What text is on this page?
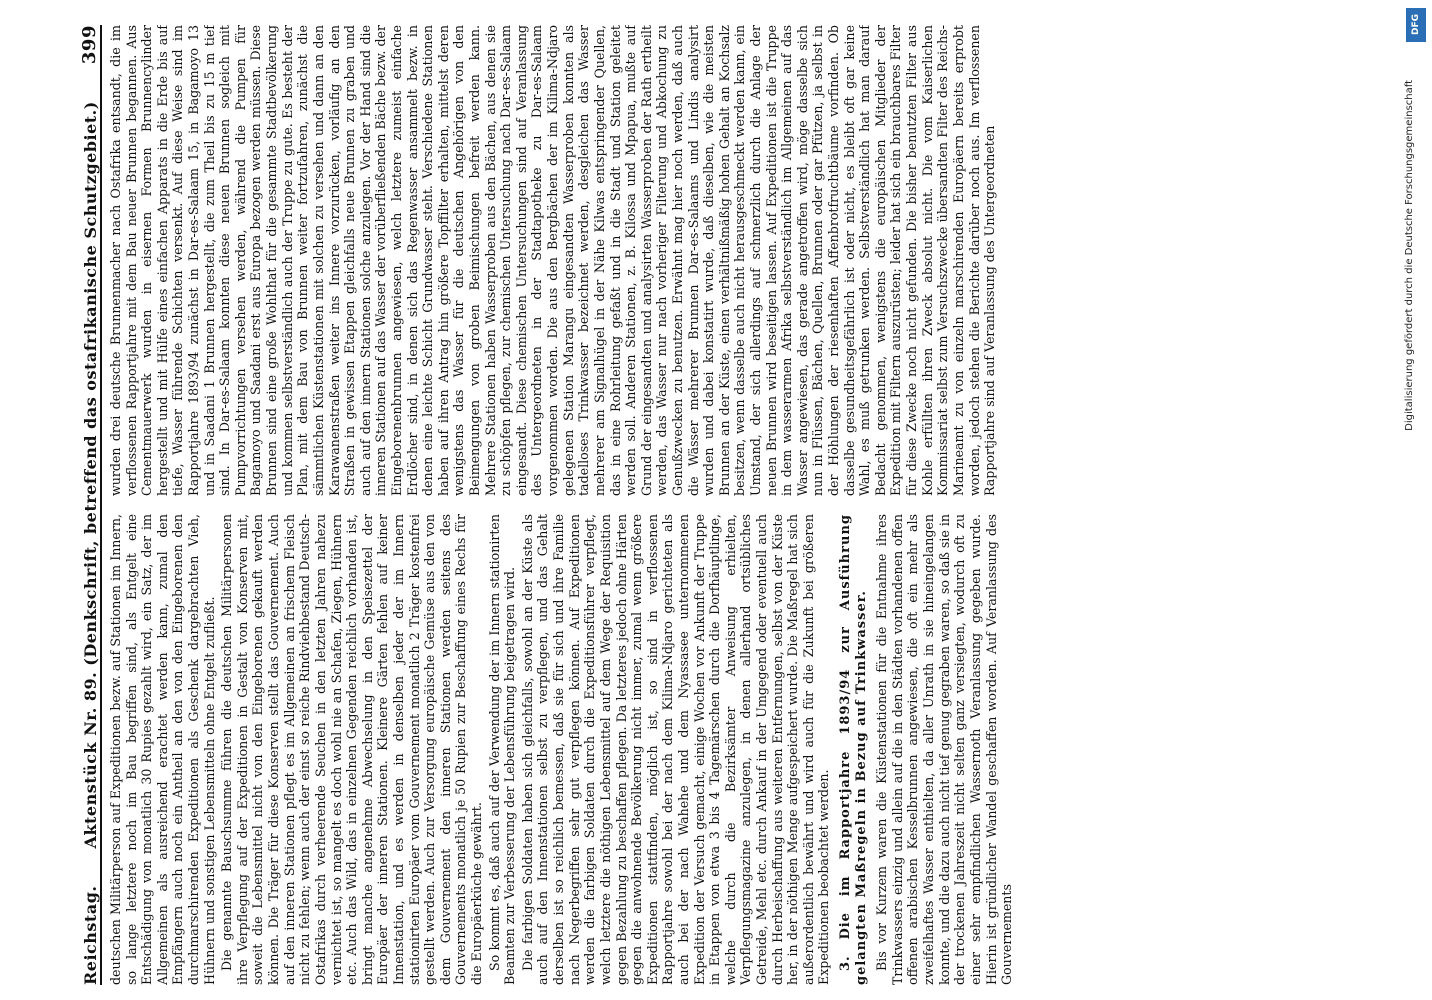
Reichstag.
Aktenstück Nr. 89. (Denkschrift, betreffend das ostafrikanische Schutzgebiet.)
399

deutschen Militärperson auf Expeditionen bezw. auf Stationen im Innern, so lange letztere noch im Bau begriffen sind, als Entgelt eine Entschädigung von monatlich 30 Rupies gezahlt wird, ein Satz, der im Allgemeinen als ausreichend erachtet werden kann, zumal den Empfängern auch noch ein Antheil an den von den Eingeborenen den durchmarschirenden Expeditionen als Geschenk dargebrachten Vieh, Hühnern und sonstigen Lebensmitteln ohne Entgelt zufließt. Die genannte Bauschsumme führen die deutschen Militärpersonen ihre Verpflegung auf der Expeditionen in Gestalt von Konserven mit, soweit die Lebensmittel nicht von den Eingeborenen gekauft werden können. Die Träger für diese Konserven stellt das Gouvernement. Auch auf den inneren Stationen pflegt es im Allgemeinen an frischem Fleisch nicht zu fehlen; wenn auch der einst so reiche Rindviehbestand Deutsch-Ostafrikas durch verheerende Seuchen in den letzten Jahren nahezu vernichtet ist, so mangelt es doch wohl nie an Schafen, Ziegen, Hühnern etc. Auch das Wild, das in einzelnen Gegenden reichlich vorhanden ist, bringt manche angenehme Abwechselung in den Speisezettel der Europäer der inneren Stationen. Kleinere Gärten fehlen auf keiner Innenstation, und es werden in denselben jeder der im Innern stationirten Europäer vom Gouvernement monatlich 2 Träger kostenfrei gestellt werden. Auch zur Versorgung europäische Gemüse aus den von dem Gouvernement den inneren Stationen werden seitens des Gouvernements monatlich je 50 Rupien zur Beschaffung eines Rechs für die Europäerküche gewährt. So kommt es, daß auch auf der Verwendung der im Innern stationirten Beamten zur Verbesserung der Lebensführung beigetragen wird. Die farbigen Soldaten haben sich gleichfalls, sowohl an der Küste als auch auf den Innenstationen selbst zu verpflegen, und das Gehalt derselben ist so reichlich bemessen, daß sie für sich und ihre Familie nach Negerbegriffen sehr gut verpflegen können. Auf Expeditionen werden die farbigen Soldaten durch die Expeditionsführer verpflegt, welch letztere die nöthigen Lebensmittel auf dem Wege der Requisition gegen Bezahlung zu beschaffen pflegen. Da letzteres jedoch ohne Härten gegen die anwohnende Bevölkerung nicht immer, zumal wenn größere Expeditionen stattfinden, möglich ist, so sind in verflossenen Rapportjahre sowohl bei der nach dem Kilima-Ndjaro gerichteten als auch bei der nach Wahehe und dem Nyassasee unternommenen Expedition der Versuch gemacht, einige Wochen vor Ankunft der Truppe in Etappen von etwa 3 bis 4 Tagemärschen durch die Dorfhäuptlinge, welche durch die Bezirksämter Anweisung erhielten, Verpflegungsmagazine anzulegen, in denen allerhand ortsübliches Getreide, Mehl etc. durch Ankauf in der Umgegend oder eventuell auch durch Herbeischaffung aus weiteren Entfernungen, selbst von der Küste her, in der nöthigen Menge aufgespeichert wurde. Die Maßregel hat sich außerordentlich bewährt und wird auch für die Zukunft bei größeren Expeditionen beobachtet werden. 3. Die im Rapportjahre 1893/94 zur Ausführung gelangten Maßregeln in Bezug auf Trinkwasser. Bis vor Kurzem waren die Küstenstationen für die Entnahme ihres Trinkwassers einzig und allein auf die in den Städten vorhandenen offen offenen arabischen Kesselbrunnen angewiesen, die oft ein mehr als zweifelhaftes Wasser enthielten, da aller Unrath in sie hineingelangen konnte, und die dazu auch nicht tief genug gegraben waren, so daß sie in der trockenen Jahreszeit nicht selten ganz versiegten, wodurch oft zu einer sehr empfindlichen Wassernoth Veranlassung gegeben wurde. Hierin ist gründlicher Wandel geschaffen worden. Auf Veranlassung des Gouvernements

wurden drei deutsche Brunnenmacher nach Ostafrika entsandt, die im verflossenen Rapportjahre mit dem Bau neuer Brunnen begannen. Aus Cementmauerwerk wurden in eisernen Formen Brunnencylinder hergestellt und mit Hülfe eines einfachen Apparats in die Erde bis auf tiefe, Wasser führende Schichten versenkt. Auf diese Weise sind im Rapportjahre 1893/94 zunächst in Dar-es-Salaam 15, in Bagamoyo 13 und in Saadani 1 Brunnen hergestellt, die zum Theil bis zu 15 m tief sind. In Dar-es-Salaam konnten diese neuen Brunnen sogleich mit Pumpvorrichtungen versehen werden, während die Pumpen für Bagamoyo und Saadani erst aus Europa bezogen werden müssen. Diese Brunnen sind eine große Wohlthat für die gesammte Stadtbevölkerung und kommen selbstverständlich auch der Truppe zu gute. Es besteht der Plan, mit dem Bau von Brunnen weiter fortzufahren, zunächst die sämmtlichen Küstenstationen mit solchen zu versehen und dann an den Karawanenstraßen weiter ins Innere vorzurücken, vorläufig an den Straßen in gewissen Etappen gleichfalls neue Brunnen zu graben und auch auf den innern Stationen solche anzulegen. Vor der Hand sind die inneren Stationen auf das Wasser der vorüberfließenden Bäche bezw. der Eingeborenenbrunnen angewiesen, welch letztere zumeist einfache Erdlöcher sind, in denen sich das Regenwasser ansammelt bezw. in denen eine leichte Schicht Grundwasser steht. Verschiedene Stationen haben auf ihren Antrag hin größere Topffilter erhalten, mittelst deren wenigstens das Wasser für die deutschen Angehörigen von den Beimengungen von groben Beimischungen befreit werden kann. Mehrere Stationen haben Wasserproben aus den Bächen, aus denen sie zu schöpfen pflegen, zur chemischen Untersuchung nach Dar-es-Salaam eingesandt. Diese chemischen Untersuchungen sind auf Veranlassung des Untergeordneten in der Stadtapotheke zu Dar-es-Salaam vorgenommen worden. Die aus den Bergbächen der im Kilima-Ndjaro gelegenen Station Marangu eingesandten Wasserproben konnten als tadelloses Trinkwasser bezeichnet werden, desgleichen das Wasser mehrerer am Signalhügel in der Nähe Kilwas entspringender Quellen, das in eine Rohrleitung gefaßt und in die Stadt und Station geleitet werden soll. Anderen Stationen, z. B. Kilossa und Mpapua, mußte auf Grund der eingesandten und analysirten Wasserproben der Rath ertheilt werden, das Wasser nur nach vorheriger Filterung und Abkochung zu Genußzwecken zu benutzen. Erwähnt mag hier noch werden, daß auch die Wässer mehrerer Brunnen Dar-es-Salaams und Lindis analysirt wurden und dabei konstatirt wurde, daß dieselben, wie die meisten Brunnen an der Küste, einen verhältnißmäßig hohen Gehalt an Kochsalz besitzen, wenn dasselbe auch nicht herausgeschmeckt werden kann, ein Umstand, der sich allerdings auf schmerzlich durch die Anlage der neuen Brunnen wird beseitigen lassen. Auf Expeditionen ist die Truppe in dem wasserarmen Afrika selbstverständlich im Allgemeinen auf das Wasser angewiesen, das gerade angetroffen wird, möge dasselbe sich nun in Flüssen, Bächen, Quellen, Brunnen oder gar Pfützen, ja selbst in der Höhlungen der riesenhaften Affenbrotfruchtbäume vorfinden. Ob dasselbe gesundheitsgefährlich ist oder nicht, es bleibt oft gar keine Wahl, es muß getrunken werden. Selbstverständlich hat man darauf Bedacht genommen, wenigstens die europäischen Mitglieder der Expedition mit Filtern auszurüsten; leider hat sich ein brauchbares Filter für diese Zwecke noch nicht gefunden. Die bisher benutzten Filter aus Kohle erfüllten ihren Zweck absolut nicht. Die vom Kaiserlichen Kommissariat selbst zum Versuchszwecke übersandten Filter des Reichs-Marineamt zu von einzeln marschirenden Europäern bereits erprobt worden, jedoch stehen die Berichte darüber noch aus. Im verflossenen Rapportjahre sind auf Veranlassung des Untergeordneten

DFG
Digitalisierung gefördert durch die Deutsche Forschungsgemeinschaft
